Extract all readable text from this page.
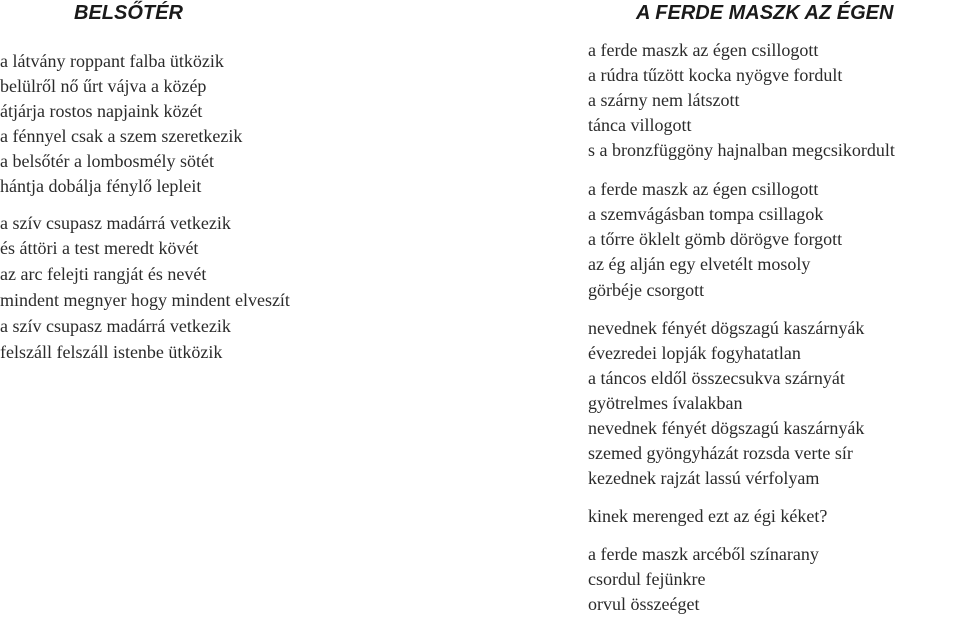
BELSŐTÉR
a látvány roppant falba ütközik
belülről nő űrt vájva a közép
átjárja rostos napjaink közét
a fénnyel csak a szem szeretkezik
a belsőtér a lombosmély sötét
hántja dobálja fénylő lepleit
a szív csupasz madárrá vetkezik
és áttöri a test meredt kövét
az arc felejti rangját és nevét
mindent megnyer hogy mindent elveszít
a szív csupasz madárrá vetkezik
felszáll felszáll istenbe ütközik
A FERDE MASZK AZ ÉGEN
a ferde maszk az égen csillogott
a rúdra tűzött kocka nyögve fordult
a szárny nem látszott
tánca villogott
s a bronzfüggöny hajnalban megcsikordult
a ferde maszk az égen csillogott
a szemvágásban tompa csillagok
a tőrre öklelt gömb dörögve forgott
az ég alján egy elvetélt mosoly
görbéje csorgott
nevednek fényét dögszagú kaszárnyák
évezredei lopják fogyhatatlan
a táncos eldől összecsukva szárnyát
gyötrelmes ívalakban
nevednek fényét dögszagú kaszárnyák
szemed gyöngyházát rozsda verte sír
kezednek rajzát lassú vérfolyam
kinek merenged ezt az égi kéket?
a ferde maszk arcéből színarany
csordul fejünkre
orvul összeéget
